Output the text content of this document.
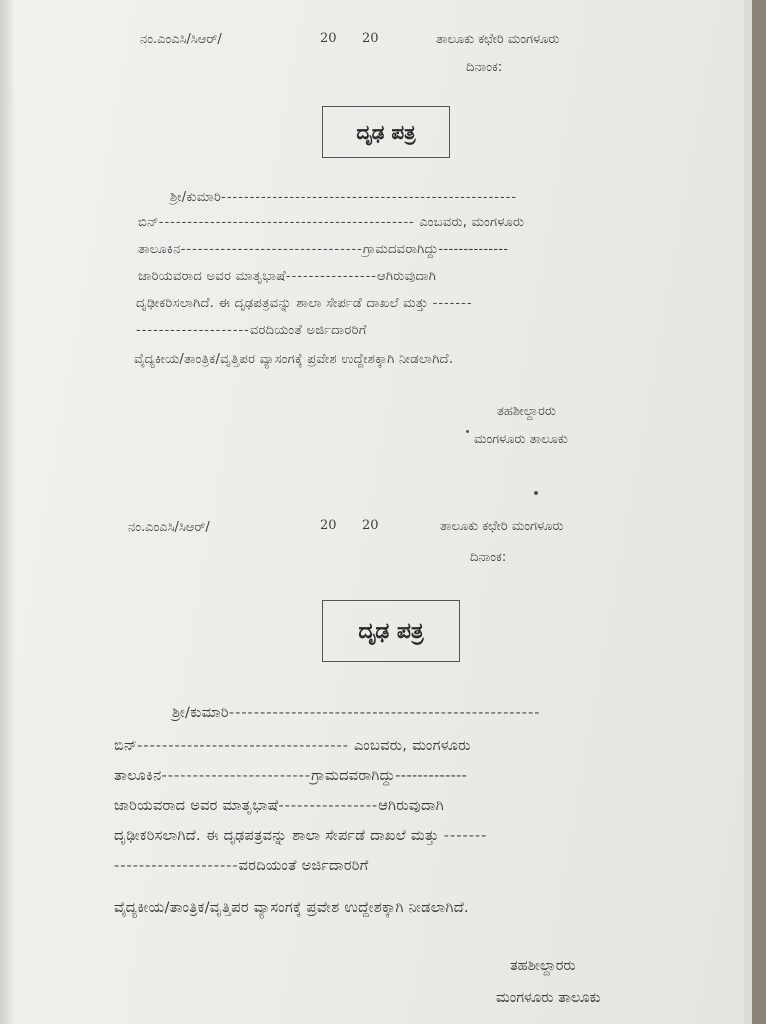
ನಂ.ಎಂಎಸಿ/ಸಿಆರ್/	20 20	ತಾಲೂಕು ಕಛೇರಿ ಮಂಗಳೂರು
ದಿನಾಂಕ:
ದೃಢ ಪತ್ರ
ಶ್ರೀ/ಕುಮಾರಿ----------------------------------------------------
ಬಿನ್--------------------------------------------- ಎಂಬವರು, ಮಂಗಳೂರು
ತಾಲೂಕಿನ--------------------------------ಗ್ರಾಮದವರಾಗಿದ್ದು--------------
ಜಾರಿಯವರಾದ ಅವರ ಮಾತೃಭಾಷೆ----------------ಆಗಿರುವುದಾಗಿ
ದೃಢೀಕರಿಸಲಾಗಿದೆ. ಈ ದೃಢಪತ್ರವನ್ನು ಶಾಲಾ ಸೇರ್ಪಡೆ ದಾಖಲೆ ಮತ್ತು -------
--------------------ವರದಿಯಂತೆ ಅರ್ಜಿದಾರರಿಗೆ
ವೈದ್ಯಕೀಯ/ತಾಂತ್ರಿಕ/ವೃತ್ತಿಪರ ವ್ಯಾಸಂಗಕ್ಕೆ ಪ್ರವೇಶ ಉದ್ದೇಶಕ್ಕಾಗಿ ನೀಡಲಾಗಿದೆ.
ತಹಶೀಲ್ದಾರರು
ಮಂಗಳೂರು ತಾಲೂಕು
ನಂ.ಎಂಎಸಿ/ಸಿಆರ್/	20 20	ತಾಲೂಕು ಕಛೇರಿ ಮಂಗಳೂರು
ದಿನಾಂಕ:
ದೃಢ ಪತ್ರ
ಶ್ರೀ/ಕುಮಾರಿ--------------------------------------------------
ಬಿನ್---------------------------------- ಎಂಬವರು, ಮಂಗಳೂರು
ತಾಲೂಕಿನ------------------------ಗ್ರಾಮದವರಾಗಿದ್ದು-------------
ಜಾರಿಯವರಾದ ಅವರ ಮಾತೃಭಾಷೆ----------------ಆಗಿರುವುದಾಗಿ
ದೃಢೀಕರಿಸಲಾಗಿದೆ. ಈ ದೃಢಪತ್ರವನ್ನು ಶಾಲಾ ಸೇರ್ಪಡೆ ದಾಖಲೆ ಮತ್ತು -------
--------------------ವರದಿಯಂತೆ ಅರ್ಜಿದಾರರಿಗೆ
ವೈದ್ಯಕೀಯ/ತಾಂತ್ರಿಕ/ವೃತ್ತಿಪರ ವ್ಯಾಸಂಗಕ್ಕೆ ಪ್ರವೇಶ ಉದ್ದೇಶಕ್ಕಾಗಿ ನೀಡಲಾಗಿದೆ.
ತಹಶೀಲ್ದಾರರು
ಮಂಗಳೂರು ತಾಲೂಕು
